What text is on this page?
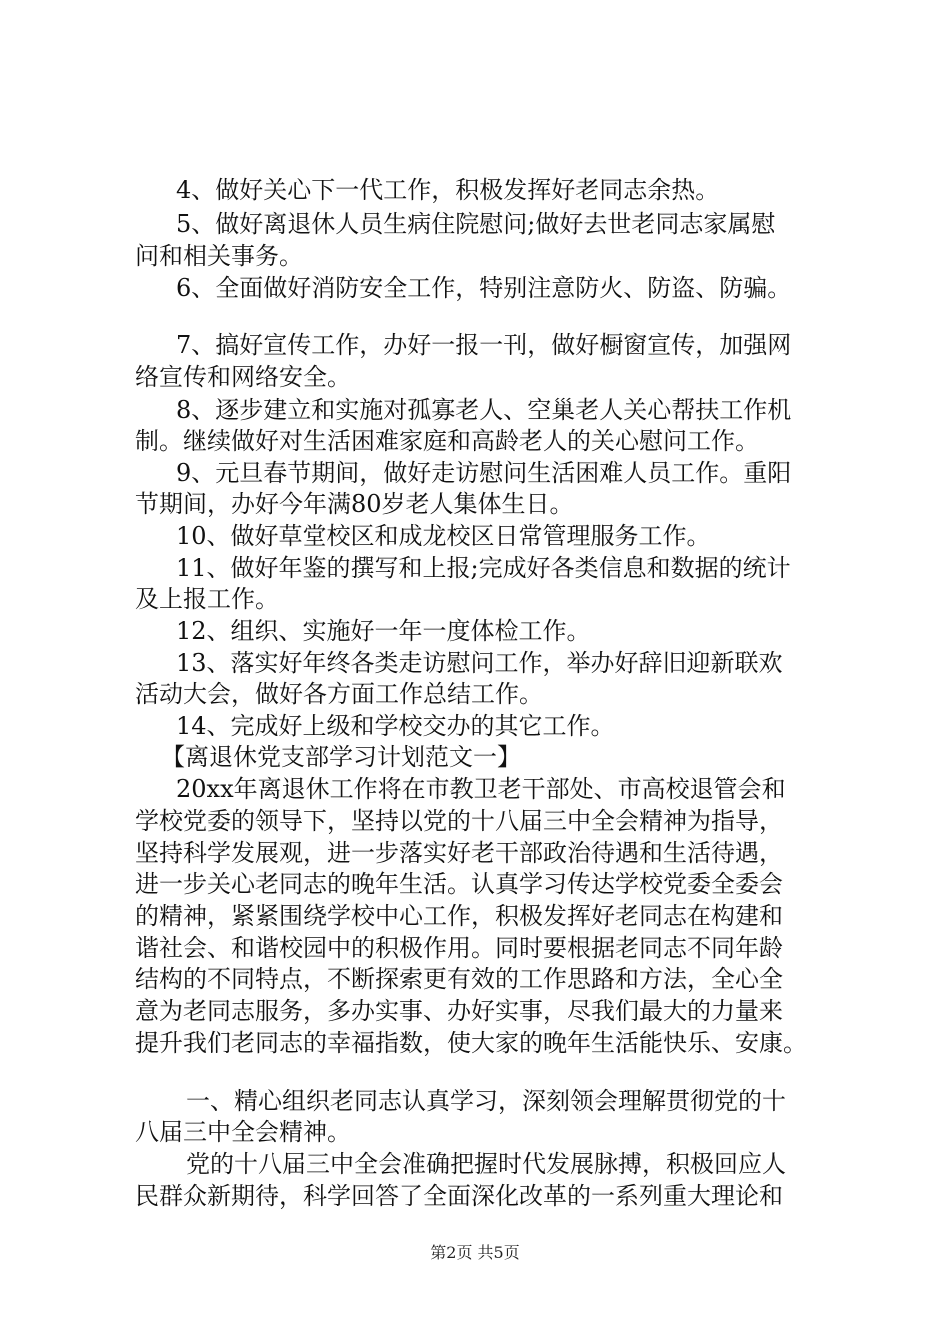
4、做好关心下一代工作，积极发挥好老同志余热。
5、做好离退休人员生病住院慰问;做好去世老同志家属慰
问和相关事务。
6、全面做好消防安全工作，特别注意防火、防盗、防骗。
7、搞好宣传工作，办好一报一刊，做好橱窗宣传，加强网
络宣传和网络安全。
8、逐步建立和实施对孤寡老人、空巢老人关心帮扶工作机
制。继续做好对生活困难家庭和高龄老人的关心慰问工作。
9、元旦春节期间，做好走访慰问生活困难人员工作。重阳
节期间，办好今年满80岁老人集体生日。
10、做好草堂校区和成龙校区日常管理服务工作。
11、做好年鉴的撰写和上报;完成好各类信息和数据的统计
及上报工作。
12、组织、实施好一年一度体检工作。
13、落实好年终各类走访慰问工作，举办好辞旧迎新联欢
活动大会，做好各方面工作总结工作。
14、完成好上级和学校交办的其它工作。
【离退休党支部学习计划范文一】
20xx年离退休工作将在市教卫老干部处、市高校退管会和
学校党委的领导下，坚持以党的十八届三中全会精神为指导，
坚持科学发展观，进一步落实好老干部政治待遇和生活待遇，
进一步关心老同志的晚年生活。认真学习传达学校党委全委会
的精神，紧紧围绕学校中心工作，积极发挥好老同志在构建和
谐社会、和谐校园中的积极作用。同时要根据老同志不同年龄
结构的不同特点，不断探索更有效的工作思路和方法，全心全
意为老同志服务，多办实事、办好实事，尽我们最大的力量来
提升我们老同志的幸福指数，使大家的晚年生活能快乐、安康。
一、精心组织老同志认真学习，深刻领会理解贯彻党的十
八届三中全会精神。
党的十八届三中全会准确把握时代发展脉搏，积极回应人
民群众新期待，科学回答了全面深化改革的一系列重大理论和
第2页 共5页
